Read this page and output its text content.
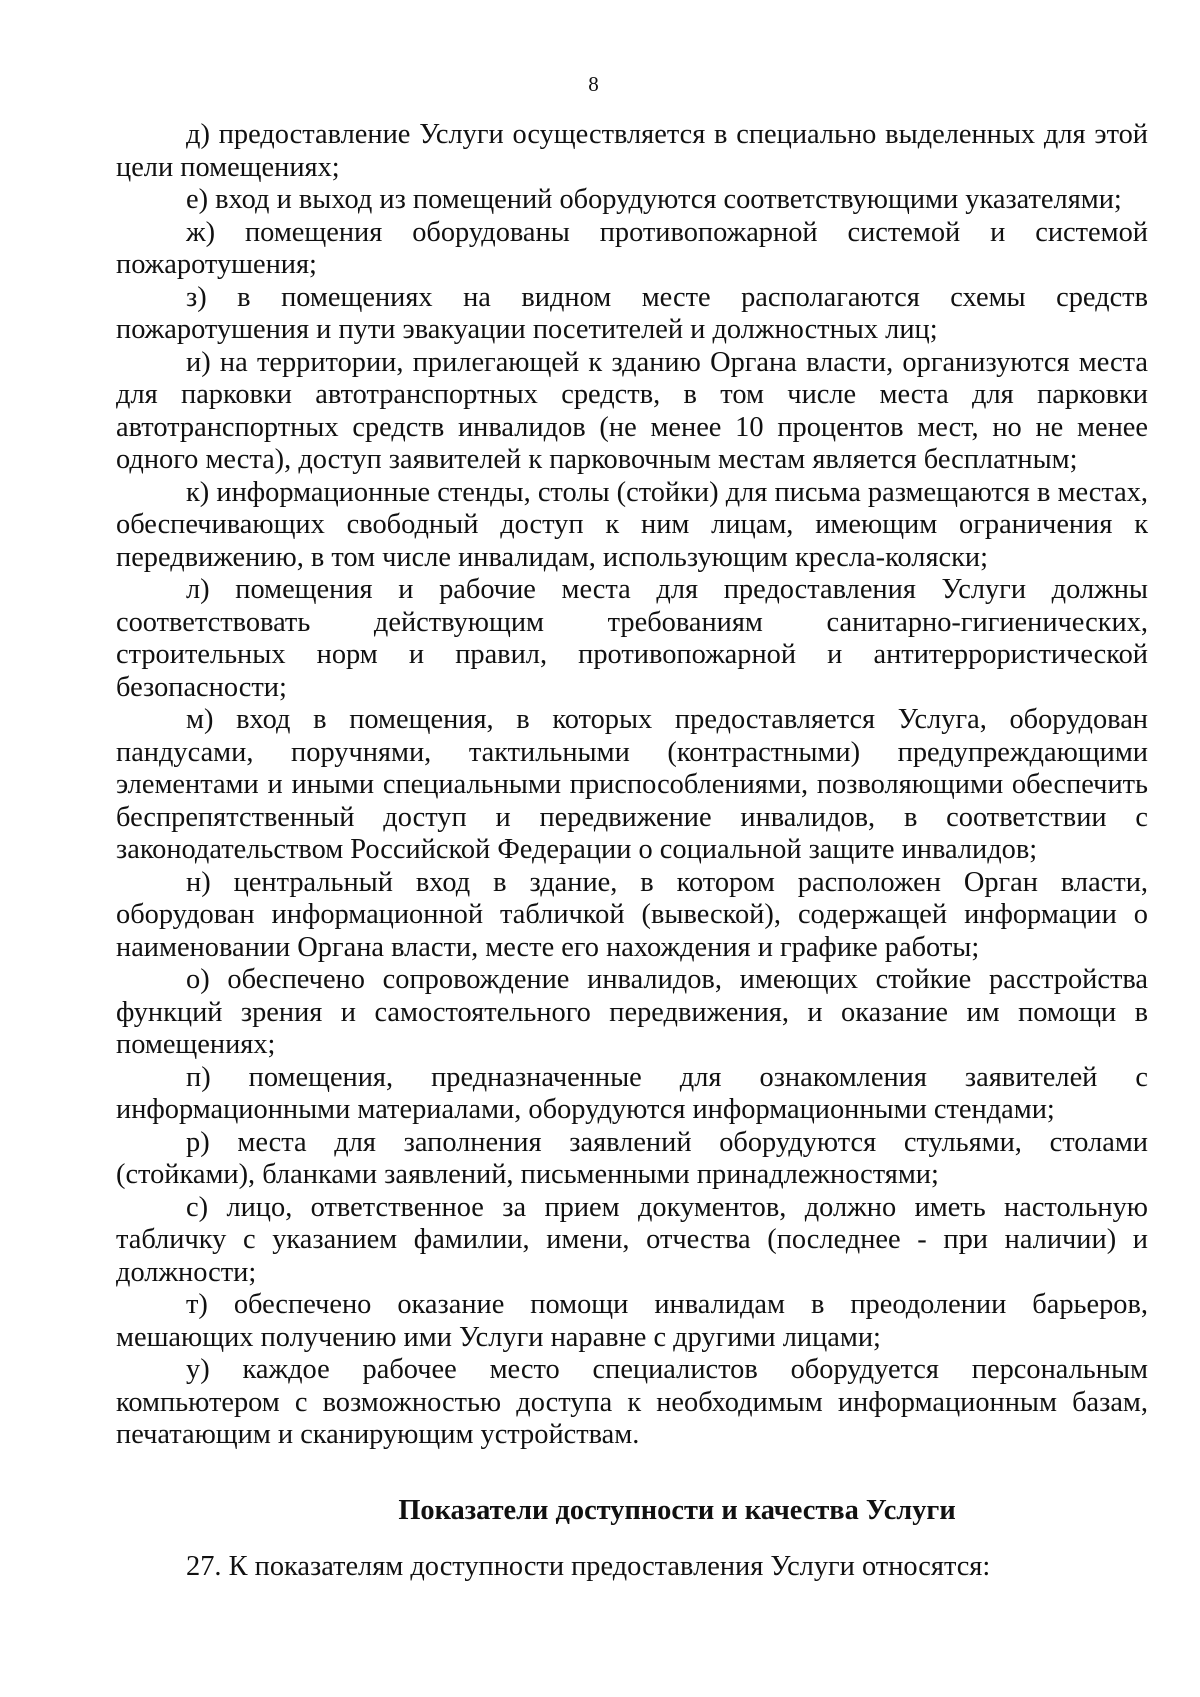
8

д) предоставление Услуги осуществляется в специально выделенных для этой цели помещениях;

е) вход и выход из помещений оборудуются соответствующими указателями;

ж) помещения оборудованы противопожарной системой и системой пожаротушения;

з) в помещениях на видном месте располагаются схемы средств пожаротушения и пути эвакуации посетителей и должностных лиц;

и) на территории, прилегающей к зданию Органа власти, организуются места для парковки автотранспортных средств, в том числе места для парковки автотранспортных средств инвалидов (не менее 10 процентов мест, но не менее одного места), доступ заявителей к парковочным местам является бесплатным;

к) информационные стенды, столы (стойки) для письма размещаются в местах, обеспечивающих свободный доступ к ним лицам, имеющим ограничения к передвижению, в том числе инвалидам, использующим кресла-коляски;

л) помещения и рабочие места для предоставления Услуги должны соответствовать действующим требованиям санитарно-гигиенических, строительных норм и правил, противопожарной и антитеррористической безопасности;

м) вход в помещения, в которых предоставляется Услуга, оборудован пандусами, поручнями, тактильными (контрастными) предупреждающими элементами и иными специальными приспособлениями, позволяющими обеспечить беспрепятственный доступ и передвижение инвалидов, в соответствии с законодательством Российской Федерации о социальной защите инвалидов;

н) центральный вход в здание, в котором расположен Орган власти, оборудован информационной табличкой (вывеской), содержащей информации о наименовании Органа власти, месте его нахождения и графике работы;

о) обеспечено сопровождение инвалидов, имеющих стойкие расстройства функций зрения и самостоятельного передвижения, и оказание им помощи в помещениях;

п) помещения, предназначенные для ознакомления заявителей с информационными материалами, оборудуются информационными стендами;

р) места для заполнения заявлений оборудуются стульями, столами (стойками), бланками заявлений, письменными принадлежностями;

с) лицо, ответственное за прием документов, должно иметь настольную табличку с указанием фамилии, имени, отчества (последнее - при наличии) и должности;

т) обеспечено оказание помощи инвалидам в преодолении барьеров, мешающих получению ими Услуги наравне с другими лицами;

у) каждое рабочее место специалистов оборудуется персональным компьютером с возможностью доступа к необходимым информационным базам, печатающим и сканирующим устройствам.

Показатели доступности и качества Услуги

27. К показателям доступности предоставления Услуги относятся:
